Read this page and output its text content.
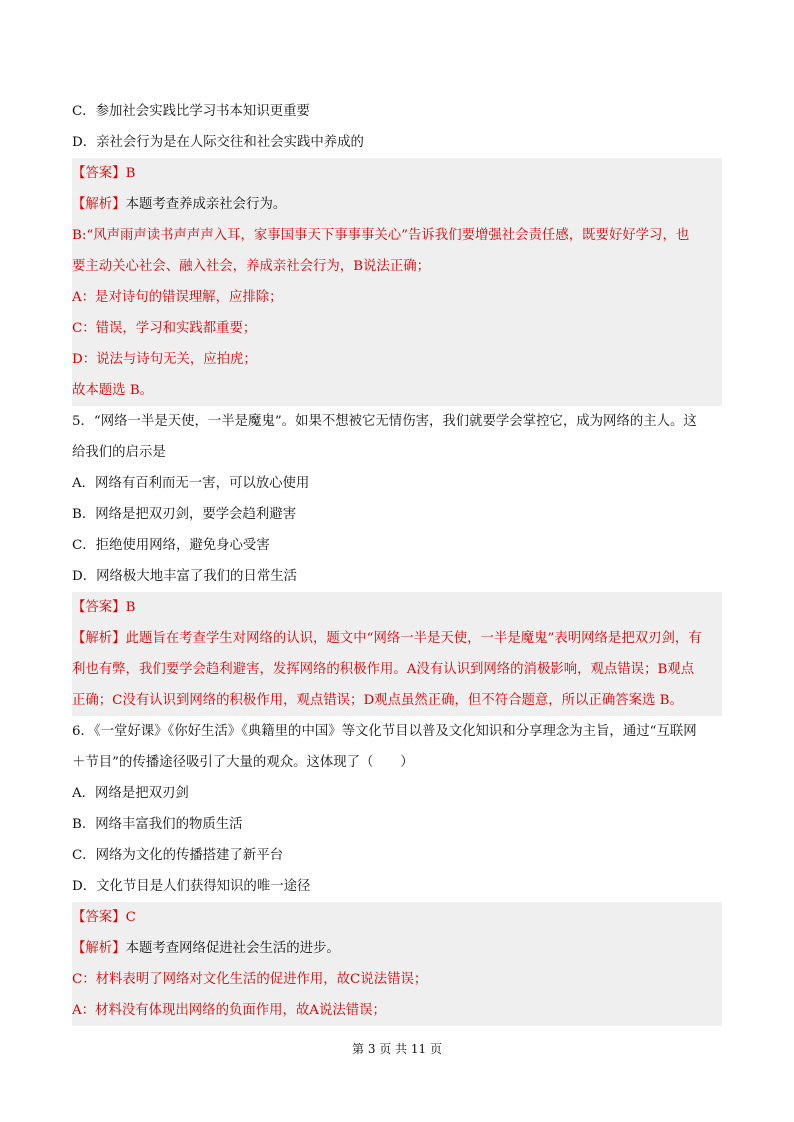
C．参加社会实践比学习书本知识更重要
D．亲社会行为是在人际交往和社会实践中养成的
【答案】B
【解析】本题考查养成亲社会行为。
B:“风声雨声读书声声声入耳，家事国事天下事事事关心”告诉我们要增强社会责任感，既要好好学习，也
要主动关心社会、融入社会，养成亲社会行为，B说法正确；
A：是对诗句的错误理解，应排除；
C：错误，学习和实践都重要；
D：说法与诗句无关，应拍虎；
故本题选 B。
5．“网络一半是天使，一半是魔鬼”。如果不想被它无情伤害，我们就要学会掌控它，成为网络的主人。这
给我们的启示是
A．网络有百利而无一害，可以放心使用
B．网络是把双刃剑，要学会趋利避害
C．拒绝使用网络，避免身心受害
D．网络极大地丰富了我们的日常生活
【答案】B
【解析】此题旨在考查学生对网络的认识，题文中“网络一半是天使，一半是魔鬼”表明网络是把双刃剑，有
利也有弊，我们要学会趋利避害，发挥网络的积极作用。A没有认识到网络的消极影响，观点错误；B观点
正确；C没有认识到网络的积极作用，观点错误；D观点虽然正确，但不符合题意，所以正确答案选 B。
6．《一堂好课》《你好生活》《典籍里的中国》等文化节目以普及文化知识和分享理念为主旨，通过“互联网
＋节目”的传播途径吸引了大量的观众。这体现了（　　）
A．网络是把双刃剑
B．网络丰富我们的物质生活
C．网络为文化的传播搭建了新平台
D．文化节目是人们获得知识的唯一途径
【答案】C
【解析】本题考查网络促进社会生活的进步。
C：材料表明了网络对文化生活的促进作用，故C说法错误；
A：材料没有体现出网络的负面作用，故A说法错误；
第 3 页 共 11 页
